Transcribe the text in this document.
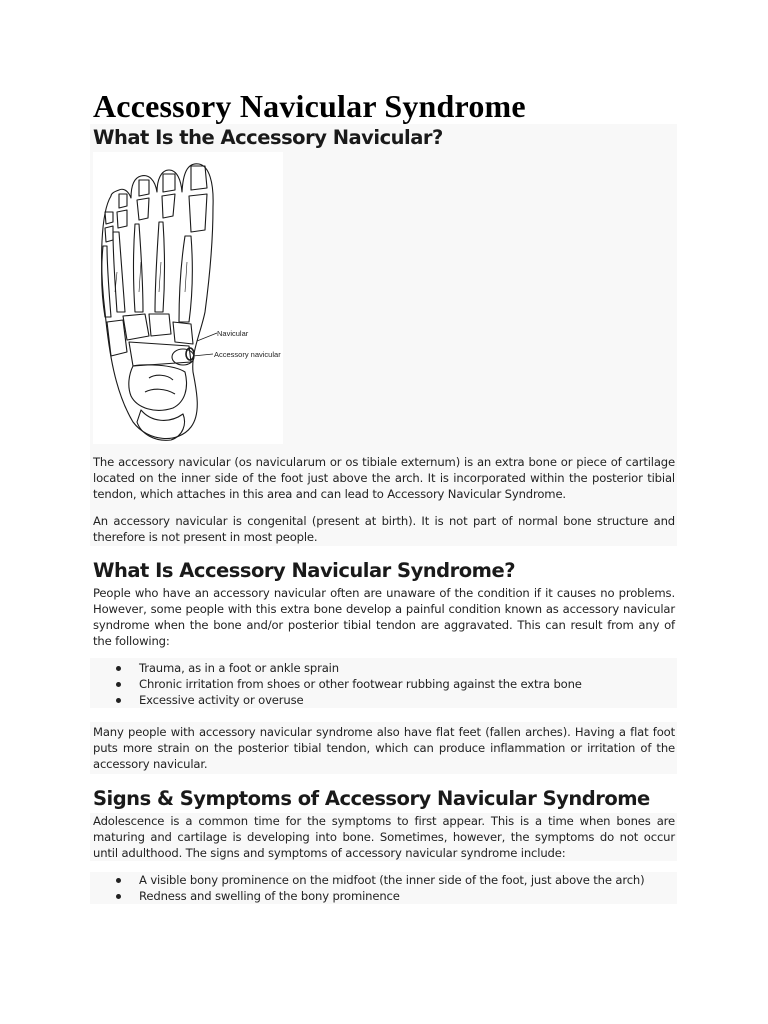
Accessory Navicular Syndrome
What Is the Accessory Navicular?
Navicular
Accessory navicular

The accessory navicular (os navicularum or os tibiale externum) is an extra bone or piece of cartilage located on the inner side of the foot just above the arch. It is incorporated within the posterior tibial tendon, which attaches in this area and can lead to Accessory Navicular Syndrome.

An accessory navicular is congenital (present at birth). It is not part of normal bone structure and therefore is not present in most people.

What Is Accessory Navicular Syndrome?

People who have an accessory navicular often are unaware of the condition if it causes no problems. However, some people with this extra bone develop a painful condition known as accessory navicular syndrome when the bone and/or posterior tibial tendon are aggravated. This can result from any of the following:

Trauma, as in a foot or ankle sprain
Chronic irritation from shoes or other footwear rubbing against the extra bone
Excessive activity or overuse

Many people with accessory navicular syndrome also have flat feet (fallen arches). Having a flat foot puts more strain on the posterior tibial tendon, which can produce inflammation or irritation of the accessory navicular.

Signs & Symptoms of Accessory Navicular Syndrome

Adolescence is a common time for the symptoms to first appear. This is a time when bones are maturing and cartilage is developing into bone. Sometimes, however, the symptoms do not occur until adulthood. The signs and symptoms of accessory navicular syndrome include:

A visible bony prominence on the midfoot (the inner side of the foot, just above the arch)
Redness and swelling of the bony prominence
